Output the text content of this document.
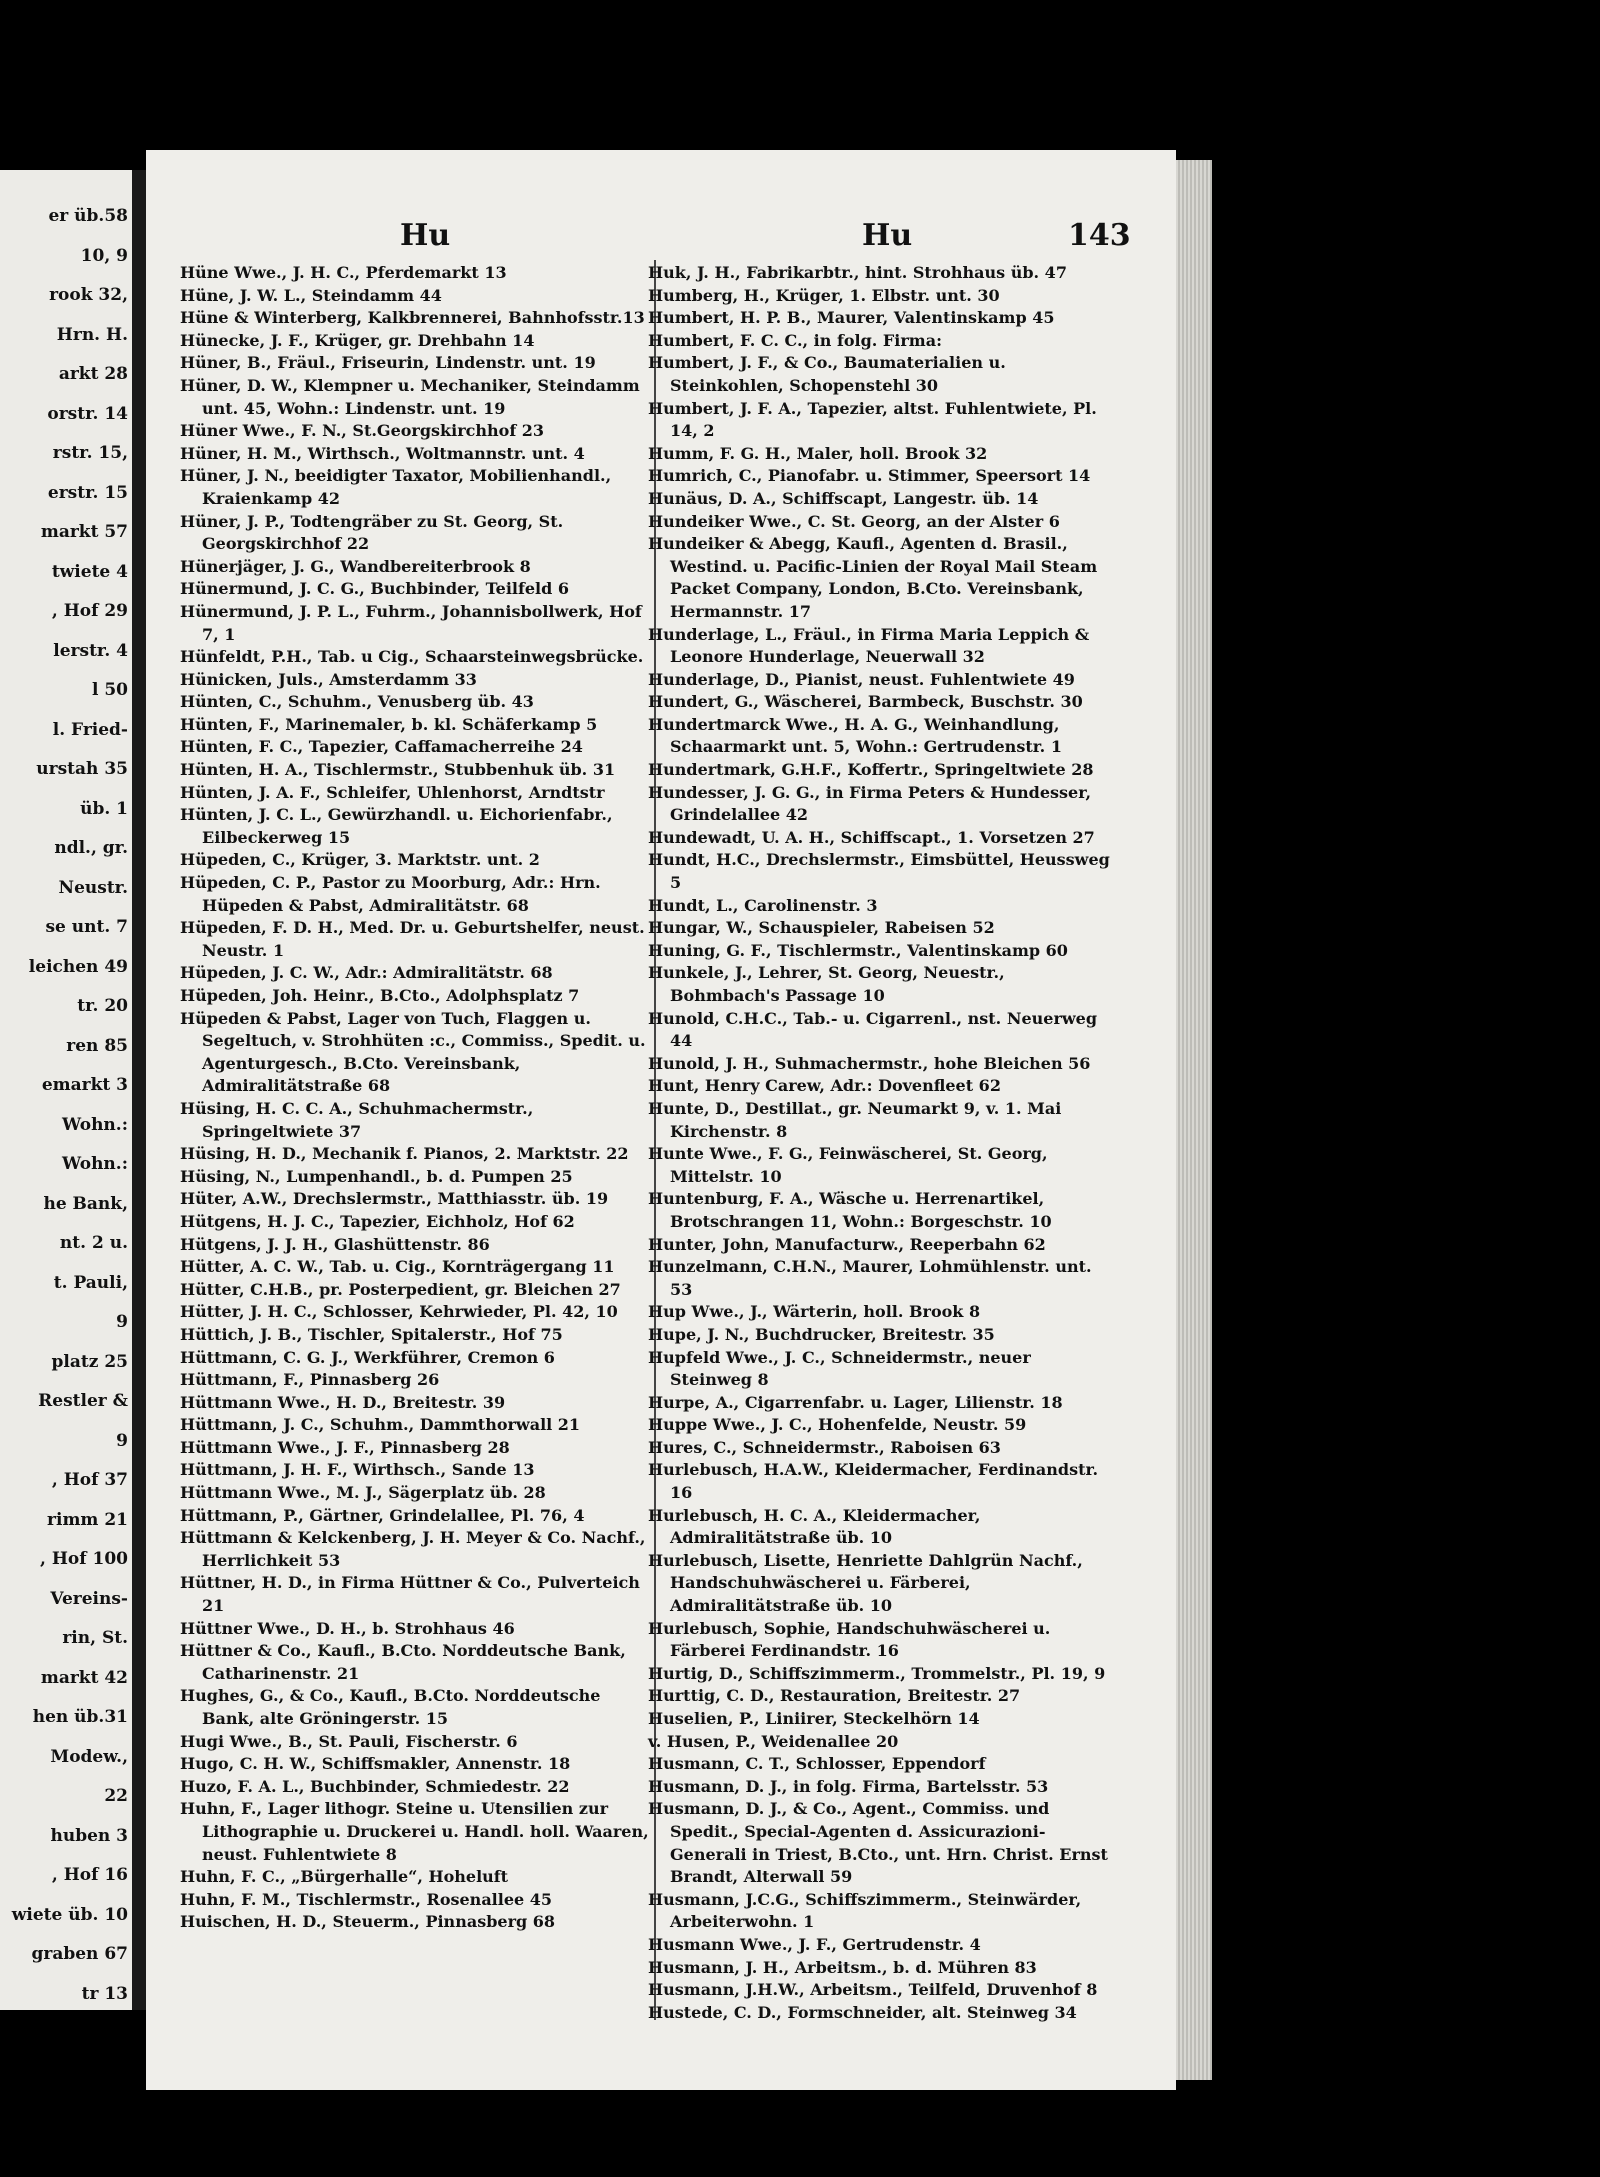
er üb.58
10, 9
rook 32,
Hrn. H.
arkt 28
orstr. 14
rstr. 15,
erstr. 15
markt 57
twiete 4
, Hof 29
lerstr. 4
l 50
l. Fried-
urstah 35
üb. 1
ndl., gr.
Neustr.
se unt. 7
leichen 49
tr. 20
ren 85
emarkt 3
Wohn.:
Wohn.:
he Bank,
nt. 2 u.
t. Pauli,
9
platz 25
Restler &
9
, Hof 37
rimm 21
, Hof 100
Vereins-
rin, St.
markt 42
hen üb.31
Modew.,
22
huben 3
, Hof 16
wiete üb. 10
graben 67
tr 13
Hu	Hu	143
Hüne Wwe., J. H. C., Pferdemarkt 13
Hüne, J. W. L., Steindamm 44
Hüne & Winterberg, Kalkbrennerei, Bahnhofsstr.13
Hünecke, J. F., Krüger, gr. Drehbahn 14
Hüner, B., Fräul., Friseurin, Lindenstr. unt. 19
Hüner, D. W., Klempner u. Mechaniker, Steindamm unt. 45, Wohn.: Lindenstr. unt. 19
Hüner Wwe., F. N., St.Georgskirchhof 23
Hüner, H. M., Wirthsch., Woltmannstr. unt. 4
Hüner, J. N., beeidigter Taxator, Mobilienhandl., Kraienkamp 42
Hüner, J. P., Todtengräber zu St. Georg, St. Georgskirchhof 22
Hünerjäger, J. G., Wandbereiterbrook 8
Hünermund, J. C. G., Buchbinder, Teilfeld 6
Hünermund, J. P. L., Fuhrm., Johannisbollwerk, Hof 7, 1
Hünfeldt, P.H., Tab. u Cig., Schaarsteinwegsbrücke.
Hünicken, Juls., Amsterdamm 33
Hünten, C., Schuhm., Venusberg üb. 43
Hünten, F., Marinemaler, b. kl. Schäferkamp 5
Hünten, F. C., Tapezier, Caffamacherreihe 24
Hünten, H. A., Tischlermstr., Stubbenhuk üb. 31
Hünten, J. A. F., Schleifer, Uhlenhorst, Arndtstr
Hünten, J. C. L., Gewürzhandl. u. Eichorienfabr., Eilbeckerweg 15
Hüpeden, C., Krüger, 3. Marktstr. unt. 2
Hüpeden, C. P., Pastor zu Moorburg, Adr.: Hrn. Hüpeden & Pabst, Admiralitätstr. 68
Hüpeden, F. D. H., Med. Dr. u. Geburtshelfer, neust. Neustr. 1
Hüpeden, J. C. W., Adr.: Admiralitätstr. 68
Hüpeden, Joh. Heinr., B.Cto., Adolphsplatz 7
Hüpeden & Pabst, Lager von Tuch, Flaggen u. Segeltuch, v. Strohhüten :c., Commiss., Spedit. u. Agenturgesch., B.Cto. Vereinsbank, Admiralitätstraße 68
Hüsing, H. C. C. A., Schuhmachermstr., Springeltwiete 37
Hüsing, H. D., Mechanik f. Pianos, 2. Marktstr. 22
Hüsing, N., Lumpenhandl., b. d. Pumpen 25
Hüter, A.W., Drechslermstr., Matthiasstr. üb. 19
Hütgens, H. J. C., Tapezier, Eichholz, Hof 62
Hütgens, J. J. H., Glashüttenstr. 86
Hütter, A. C. W., Tab. u. Cig., Kornträgergang 11
Hütter, C.H.B., pr. Posterpedient, gr. Bleichen 27
Hütter, J. H. C., Schlosser, Kehrwieder, Pl. 42, 10
Hüttich, J. B., Tischler, Spitalerstr., Hof 75
Hüttmann, C. G. J., Werkführer, Cremon 6
Hüttmann, F., Pinnasberg 26
Hüttmann Wwe., H. D., Breitestr. 39
Hüttmann, J. C., Schuhm., Dammthorwall 21
Hüttmann Wwe., J. F., Pinnasberg 28
Hüttmann, J. H. F., Wirthsch., Sande 13
Hüttmann Wwe., M. J., Sägerplatz üb. 28
Hüttmann, P., Gärtner, Grindelallee, Pl. 76, 4
Hüttmann & Kelckenberg, J. H. Meyer & Co. Nachf., Herrlichkeit 53
Hüttner, H. D., in Firma Hüttner & Co., Pulverteich 21
Hüttner Wwe., D. H., b. Strohhaus 46
Hüttner & Co., Kaufl., B.Cto. Norddeutsche Bank, Catharinenstr. 21
Hughes, G., & Co., Kaufl., B.Cto. Norddeutsche Bank, alte Gröningerstr. 15
Hugi Wwe., B., St. Pauli, Fischerstr. 6
Hugo, C. H. W., Schiffsmakler, Annenstr. 18
Huzo, F. A. L., Buchbinder, Schmiedestr. 22
Huhn, F., Lager lithogr. Steine u. Utensilien zur Lithographie u. Druckerei u. Handl. holl. Waaren, neust. Fuhlentwiete 8
Huhn, F. C., „Bürgerhalle“, Hoheluft
Huhn, F. M., Tischlermstr., Rosenallee 45
Huischen, H. D., Steuerm., Pinnasberg 68
Huk, J. H., Fabrikarbtr., hint. Strohhaus üb. 47
Humberg, H., Krüger, 1. Elbstr. unt. 30
Humbert, H. P. B., Maurer, Valentinskamp 45
Humbert, F. C. C., in folg. Firma:
Humbert, J. F., & Co., Baumaterialien u. Steinkohlen, Schopenstehl 30
Humbert, J. F. A., Tapezier, altst. Fuhlentwiete, Pl. 14, 2
Humm, F. G. H., Maler, holl. Brook 32
Humrich, C., Pianofabr. u. Stimmer, Speersort 14
Hunäus, D. A., Schiffscapt, Langestr. üb. 14
Hundeiker Wwe., C. St. Georg, an der Alster 6
Hundeiker & Abegg, Kaufl., Agenten d. Brasil., Westind. u. Pacific-Linien der Royal Mail Steam Packet Company, London, B.Cto. Vereinsbank, Hermannstr. 17
Hunderlage, L., Fräul., in Firma Maria Leppich & Leonore Hunderlage, Neuerwall 32
Hunderlage, D., Pianist, neust. Fuhlentwiete 49
Hundert, G., Wäscherei, Barmbeck, Buschstr. 30
Hundertmarck Wwe., H. A. G., Weinhandlung, Schaarmarkt unt. 5, Wohn.: Gertrudenstr. 1
Hundertmark, G.H.F., Koffertr., Springeltwiete 28
Hundesser, J. G. G., in Firma Peters & Hundesser, Grindelallee 42
Hundewadt, U. A. H., Schiffscapt., 1. Vorsetzen 27
Hundt, H.C., Drechslermstr., Eimsbüttel, Heussweg 5
Hundt, L., Carolinenstr. 3
Hungar, W., Schauspieler, Rabeisen 52
Huning, G. F., Tischlermstr., Valentinskamp 60
Hunkele, J., Lehrer, St. Georg, Neuestr., Bohmbach's Passage 10
Hunold, C.H.C., Tab.- u. Cigarrenl., nst. Neuerweg 44
Hunold, J. H., Suhmachermstr., hohe Bleichen 56
Hunt, Henry Carew, Adr.: Dovenfleet 62
Hunte, D., Destillat., gr. Neumarkt 9, v. 1. Mai Kirchenstr. 8
Hunte Wwe., F. G., Feinwäscherei, St. Georg, Mittelstr. 10
Huntenburg, F. A., Wäsche u. Herrenartikel, Brotschrangen 11, Wohn.: Borgeschstr. 10
Hunter, John, Manufacturw., Reeperbahn 62
Hunzelmann, C.H.N., Maurer, Lohmühlenstr. unt. 53
Hup Wwe., J., Wärterin, holl. Brook 8
Hupe, J. N., Buchdrucker, Breitestr. 35
Hupfeld Wwe., J. C., Schneidermstr., neuer Steinweg 8
Hurpe, A., Cigarrenfabr. u. Lager, Lilienstr. 18
Huppe Wwe., J. C., Hohenfelde, Neustr. 59
Hures, C., Schneidermstr., Raboisen 63
Hurlebusch, H.A.W., Kleidermacher, Ferdinandstr. 16
Hurlebusch, H. C. A., Kleidermacher, Admiralitätstraße üb. 10
Hurlebusch, Lisette, Henriette Dahlgrün Nachf., Handschuhwäscherei u. Färberei, Admiralitätstraße üb. 10
Hurlebusch, Sophie, Handschuhwäscherei u. Färberei Ferdinandstr. 16
Hurtig, D., Schiffszimmerm., Trommelstr., Pl. 19, 9
Hurttig, C. D., Restauration, Breitestr. 27
Huselien, P., Liniirer, Steckelhörn 14
v. Husen, P., Weidenallee 20
Husmann, C. T., Schlosser, Eppendorf
Husmann, D. J., in folg. Firma, Bartelsstr. 53
Husmann, D. J., & Co., Agent., Commiss. und Spedit., Special-Agenten d. Assicurazioni-Generali in Triest, B.Cto., unt. Hrn. Christ. Ernst Brandt, Alterwall 59
Husmann, J.C.G., Schiffszimmerm., Steinwärder, Arbeiterwohn. 1
Husmann Wwe., J. F., Gertrudenstr. 4
Husmann, J. H., Arbeitsm., b. d. Mühren 83
Husmann, J.H.W., Arbeitsm., Teilfeld, Druvenhof 8
Hustede, C. D., Formschneider, alt. Steinweg 34
